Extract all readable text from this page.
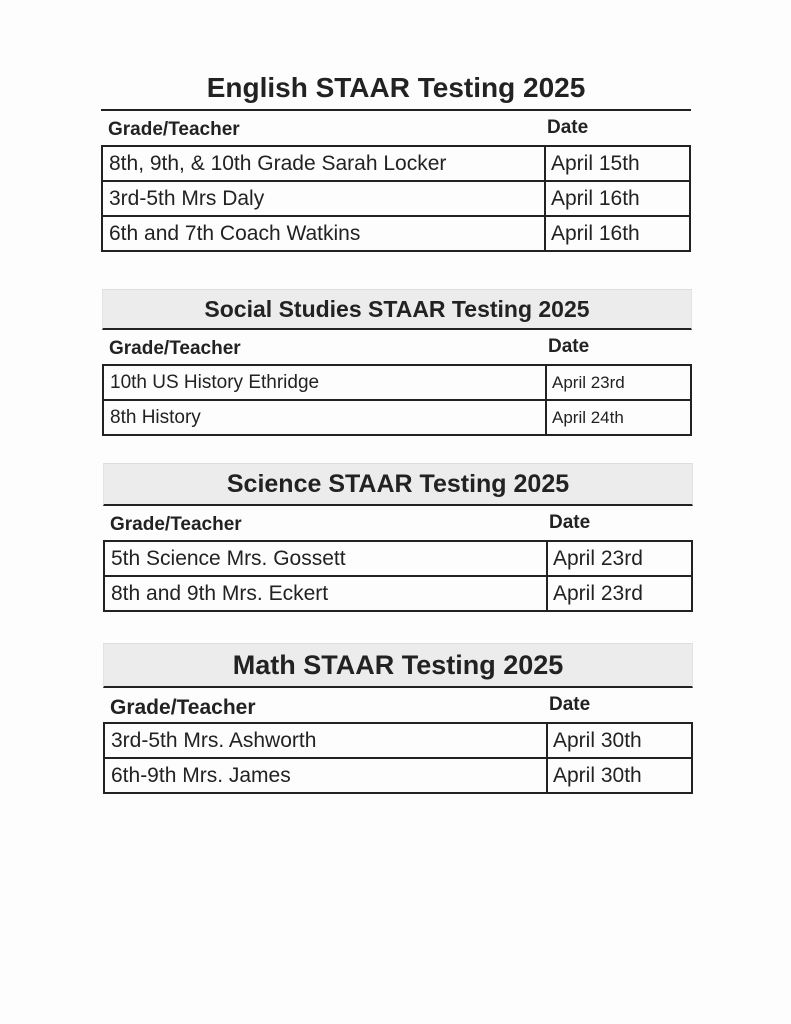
English STAAR Testing 2025
Grade/Teacher	Date
8th, 9th, & 10th Grade Sarah Locker	April 15th
3rd-5th Mrs Daly	April 16th
6th and 7th Coach Watkins	April 16th
Social Studies STAAR Testing 2025
Grade/Teacher	Date
10th US History Ethridge	April 23rd
8th History	April 24th
Science STAAR Testing 2025
Grade/Teacher	Date
5th Science Mrs. Gossett	April 23rd
8th and 9th Mrs. Eckert	April 23rd
Math STAAR Testing 2025
Grade/Teacher	Date
3rd-5th Mrs. Ashworth	April 30th
6th-9th Mrs. James	April 30th
